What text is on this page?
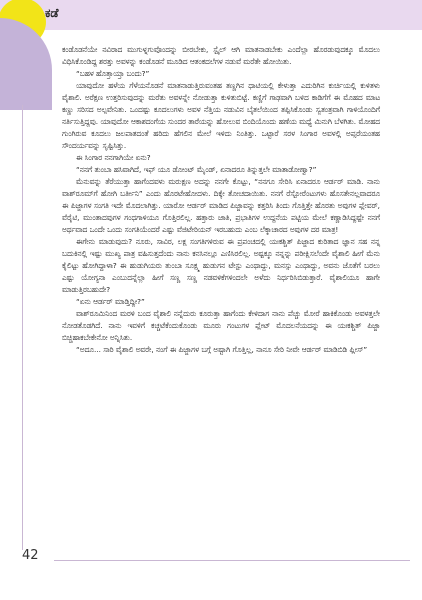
ಕಡೆ

ಕಂಡೊಡನೆಯೇ ನವಿರಾದ ಮುಗುಳ್ನಗುವೊಂದನ್ನು ಬೀರಬೇಕು, ಸ್ಟೈಲ್ ಆಗಿ ಮಾತನಾಡಬೇಕು ಎಂದೆಲ್ಲಾ ಹೊರಡುವುದಕ್ಕೂ ಮೊದಲು ವಿಧಿಸಿಕೊಂಡಿದ್ದ ಶರತ್ತು ಅವಳನ್ನು ಕಂಡೊಡನೆ ಮೂಡಿದ ಆತಂಕದಲೆಗಳ ನಡುವೆ ಮರೆತೇ ಹೋಯಿತು.

“ಬಹಳ ಹೊತ್ತಾಯ್ತಾ ಬಂದು?”

ಯಾವುದೋ ಹಳೆಯ ಗೆಳೆಯನೊಡನೆ ಮಾತನಾಡುತ್ತಿರುವಂತಹ ತಣ್ಣಗಿನ ಧಾಟಿಯಲ್ಲಿ ಕೇಳುತ್ತಾ ಎದುರಿಗಿನ ಕುರ್ಚಿಯಲ್ಲಿ ಕುಳಿತಳು ವೈಶಾಲಿ. ಅರೆಕ್ಷಣ ಉತ್ತರಿಸುವುದನ್ನು ಮರೆತು ಅವಳನ್ನೇ ನೋಡುತ್ತಾ ಕುಳಿತುಬಿಟ್ಟೆ. ಕಣ್ಣಿಗೆ ಗಾಢವಾಗಿ ಬಳಿದ ಕಾಡಿಗೆಗೆ ಈ ಮೊಹದ ಮಾಟ ಕಣ್ಣು ಸರಿಸದ ಅಲ್ಪವೇನಿತು. ಒಂದಷ್ಟು ಕೂದಲುಗಳು ಅವಳ ನೆತ್ತಿಯ ನಡುವಿನ ಬೈತಲೆಯಿಂದ ತಪ್ಪಿಸಿಕೊಂಡು ಸ್ವತಂತ್ರವಾಗಿ ಗಾಳಿಯೊಂದಿಗೆ ನರ್ತಿಸುತ್ತಿದ್ದವು. ಯಾವುದೋ ಆಕಾಶದಂಗೆಯ ಸುಂದರ ತಾರೆಯನ್ನು ಹೋಲುವ ಬಿಂದಿಯೊಂದು ಹಣೆಯ ಮಧ್ಯೆ ಮಿನುಗಿ ಬೆಳಗಿತು. ಮೋಹದ ಗುಂಗಿರುವ ಕೂದಲು ಜಲಪಾತದಂತೆ ಹರಿದು ಹೆಗಲಿನ ಮೇಲೆ ಇಳಿದು ನಿಂತಿತ್ತು. ಒಟ್ಟಾರೆ ಸರಳ ಸಿಂಗಾರ ಅವಳಲ್ಲಿ ಅಪ್ಸರೆಯಂತಹ ಸೌಂದರ್ಯವನ್ನು ಸೃಷ್ಟಿಸಿತ್ತು.

ಈ ಸಿಂಗಾರ ನನಗಾಗಿಯೇ ಏನು?

“ನನಗೆ ತುಂಬಾ ಹಸಿವಾಗಿದೆ, ಇಫ್ ಯೂ ಡೋಂಟ್ ಮೈಂಡ್, ಏನಾದರೂ ತಿನ್ನುತ್ತಲೇ ಮಾತಾಡೋಣ್ವಾ?”

ಮೆನುವನ್ನು ತೆರೆಯುತ್ತಾ ಹಾಗೆಂದವಳು ಮರುಕ್ಷಣ ಅದನ್ನು ನನಗೇ ಕೊಟ್ಟು, “ನನಗೂ ಸೇರಿಸಿ ಏನಾದರೂ ಆರ್ಡರ್ ಮಾಡಿ. ನಾನು ವಾಶ್‌ರೂಮ್‌ಗೆ ಹೋಗಿ ಬರ್ತೀನಿ” ಎಂದು ಹೊರಟೇಹೋದಳು. ದಿಕ್ಕೇ ತೋಚದಾಯಿತು. ನನಗೆ ರೆಸ್ಟೋರೆಂಟುಗಳು ಹೊಸತೇನಲ್ಲವಾದರೂ ಈ ಪಿಜ್ಜಾಗಳ ಸಂಗತಿ ಇದೇ ಮೊದಲಾಗಿತ್ತು. ಯಾರೋ ಆರ್ಡರ್ ಮಾಡಿದ ಪಿಜ್ಜಾವನ್ನು ಕತ್ತರಿಸಿ ತಿಂದು ಗೊತ್ತಿತ್ತೇ ಹೊರತು ಅವುಗಳ ಪ್ಲೇವರ್, ವೆರೈಟಿ, ಮುಂತಾದವುಗಳ ಗಂಧಗಾಳಿಯೂ ಗೊತ್ತಿರಲಿಲ್ಲ. ಹತ್ತಾರು ಜಾತಿ, ಪ್ರಭಾತಿಗಳ ಉದ್ದನೆಯ ಪಟ್ಟಿಯ ಮೇಲೆ ಕಣ್ಣಾಡಿಸಿದ್ದಷ್ಟೇ ನನಗೆ ಅರ್ಥವಾದ ಒಂದೇ ಒಂದು ಸಂಗತಿಯೆಂದರೆ ಎಷ್ಟು ವೆಜಿಟೇರಿಯನ್ ಇರಬಹುದು ಎಂಬ ಲೆಕ್ಕಾಚಾರದ ಅವುಗಳ ದರ ಮಾತ್ರ!

ಈಗೇನು ಮಾಡುವುದು? ನೂರು, ಸಾವಿರ, ಲಕ್ಷ ಸಂಗತಿಗಳಿರುವ ಈ ಪ್ರಪಂಚದಲ್ಲಿ ಯಃಕಶ್ಚಿತ್ ಪಿಜ್ಜಾದ ಕುರಿತಾದ ಜ್ಞಾನ ಸಹ ನನ್ನ ಬದುಕಿನಲ್ಲಿ ಇಷ್ಟು ಮುಖ್ಯ ಪಾತ್ರ ವಹಿಸುತ್ತದೆಂದು ನಾನು ಕನಸಿನಲ್ಲೂ ಎಣಿಸಿರಲಿಲ್ಲ. ಅಷ್ಟಕ್ಕೂ ನನ್ನನ್ನು ಪರೀಕ್ಷಿಸಲೆಂದೇ ವೈಶಾಲಿ ಹೀಗೆ ಮೆನು ಕೈಲಿಟ್ಟು ಹೋಗಿದ್ದಾಳಾ? ಈ ಹುಡುಗಿಯರು ತುಂಬಾ ಸೂಕ್ಷ್ಮ ಹುಡುಗನ ಟೇಸ್ಟು ಎಂಥಾದ್ದು, ಮನಸ್ಸು ಎಂಥಾದ್ದು, ಅವನು ಜೊತೆಗೆ ಬರಲು ಎಷ್ಟು ಯೋಗ್ಯನಾ ಎಂಬುದನ್ನೆಲ್ಲಾ ಹೀಗೆ ಸಣ್ಣ ಸಣ್ಣ ನಡವಳಿಕೆಗಳಿಂದಲೇ ಅಳೆದು ನಿರ್ಧರಿಸಿಬಿಡುತ್ತಾರೆ. ವೈಶಾಲಿಯೂ ಹಾಗೇ ಮಾಡುತ್ತಿರಬಹುದೇ?

“ಏನು ಆರ್ಡರ್ ಮಾಡ್ತಿದ್ದೀ?”

ವಾಶ್‌ರೂಮಿನಿಂದ ಮರಳಿ ಬಂದ ವೈಶಾಲಿ ನನ್ನೆದುರು ಕೂರುತ್ತಾ ಹಾಗೆಂದು ಕೇಳಿದಾಗ ನಾನು ಪೆಚ್ಚು ಮೋರೆ ಹಾಕಿಕೊಂಡು ಅವಳತ್ತಲೇ ನೋಡತೊಡಗಿದೆ. ನಾನು ಇವಳಿಗೆ ಕಚ್ಚಟೆಕೆಂದುಕೊಂಡು ಮೂರು ಗಂಟುಗಳ ಪ್ಲೇಟ್ ಮೊದಲನೆಯದನ್ನು ಈ ಯಃಕಶ್ಚಿತ್ ಪಿಜ್ಜಾ ಬಿಚ್ಚಿಹಾಕಬೇಕೇನೋ ಅನ್ನಿಸಿತು.

“ಅದೂ... ಸಾರಿ ವೈಶಾಲಿ ಅವರೇ, ನಂಗೆ ಈ ಪಿಜ್ಜಾಗಳ ಬಗ್ಗೆ ಅಷ್ಟಾಗಿ ಗೊತ್ತಿಲ್ಲ, ನಾನೂ ಸೇರಿ ನೀವೇ ಆರ್ಡರ್ ಮಾಡಿಬಿಡಿ ಪ್ಲೀಸ್”

42
